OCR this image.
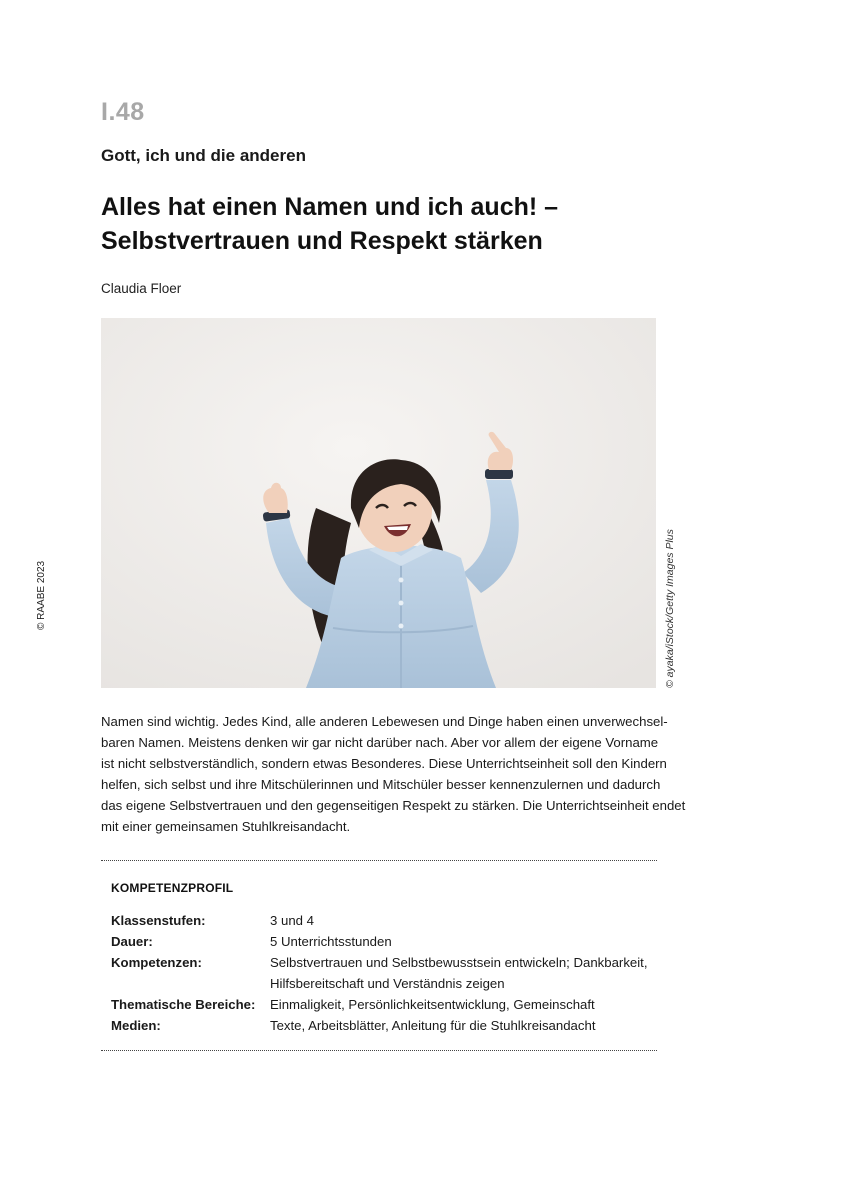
I.48
Gott, ich und die anderen
Alles hat einen Namen und ich auch! –
Selbstvertrauen und Respekt stärken
Claudia Floer
© ayaka/iStock/Getty Images Plus
© RAABE 2023
Namen sind wichtig. Jedes Kind, alle anderen Lebewesen und Dinge haben einen unverwechsel-
baren Namen. Meistens denken wir gar nicht darüber nach. Aber vor allem der eigene Vorname
ist nicht selbstverständlich, sondern etwas Besonderes. Diese Unterrichtseinheit soll den Kindern
helfen, sich selbst und ihre Mitschülerinnen und Mitschüler besser kennenzulernen und dadurch
das eigene Selbstvertrauen und den gegenseitigen Respekt zu stärken. Die Unterrichtseinheit endet
mit einer gemeinsamen Stuhlkreisandacht.
KOMPETENZPROFIL
Klassenstufen:	3 und 4
Dauer:	5 Unterrichtsstunden
Kompetenzen:	Selbstvertrauen und Selbstbewusstsein entwickeln; Dankbarkeit,
Hilfsbereitschaft und Verständnis zeigen
Thematische Bereiche:	Einmaligkeit, Persönlichkeitsentwicklung, Gemeinschaft
Medien:	Texte, Arbeitsblätter, Anleitung für die Stuhlkreisandacht
